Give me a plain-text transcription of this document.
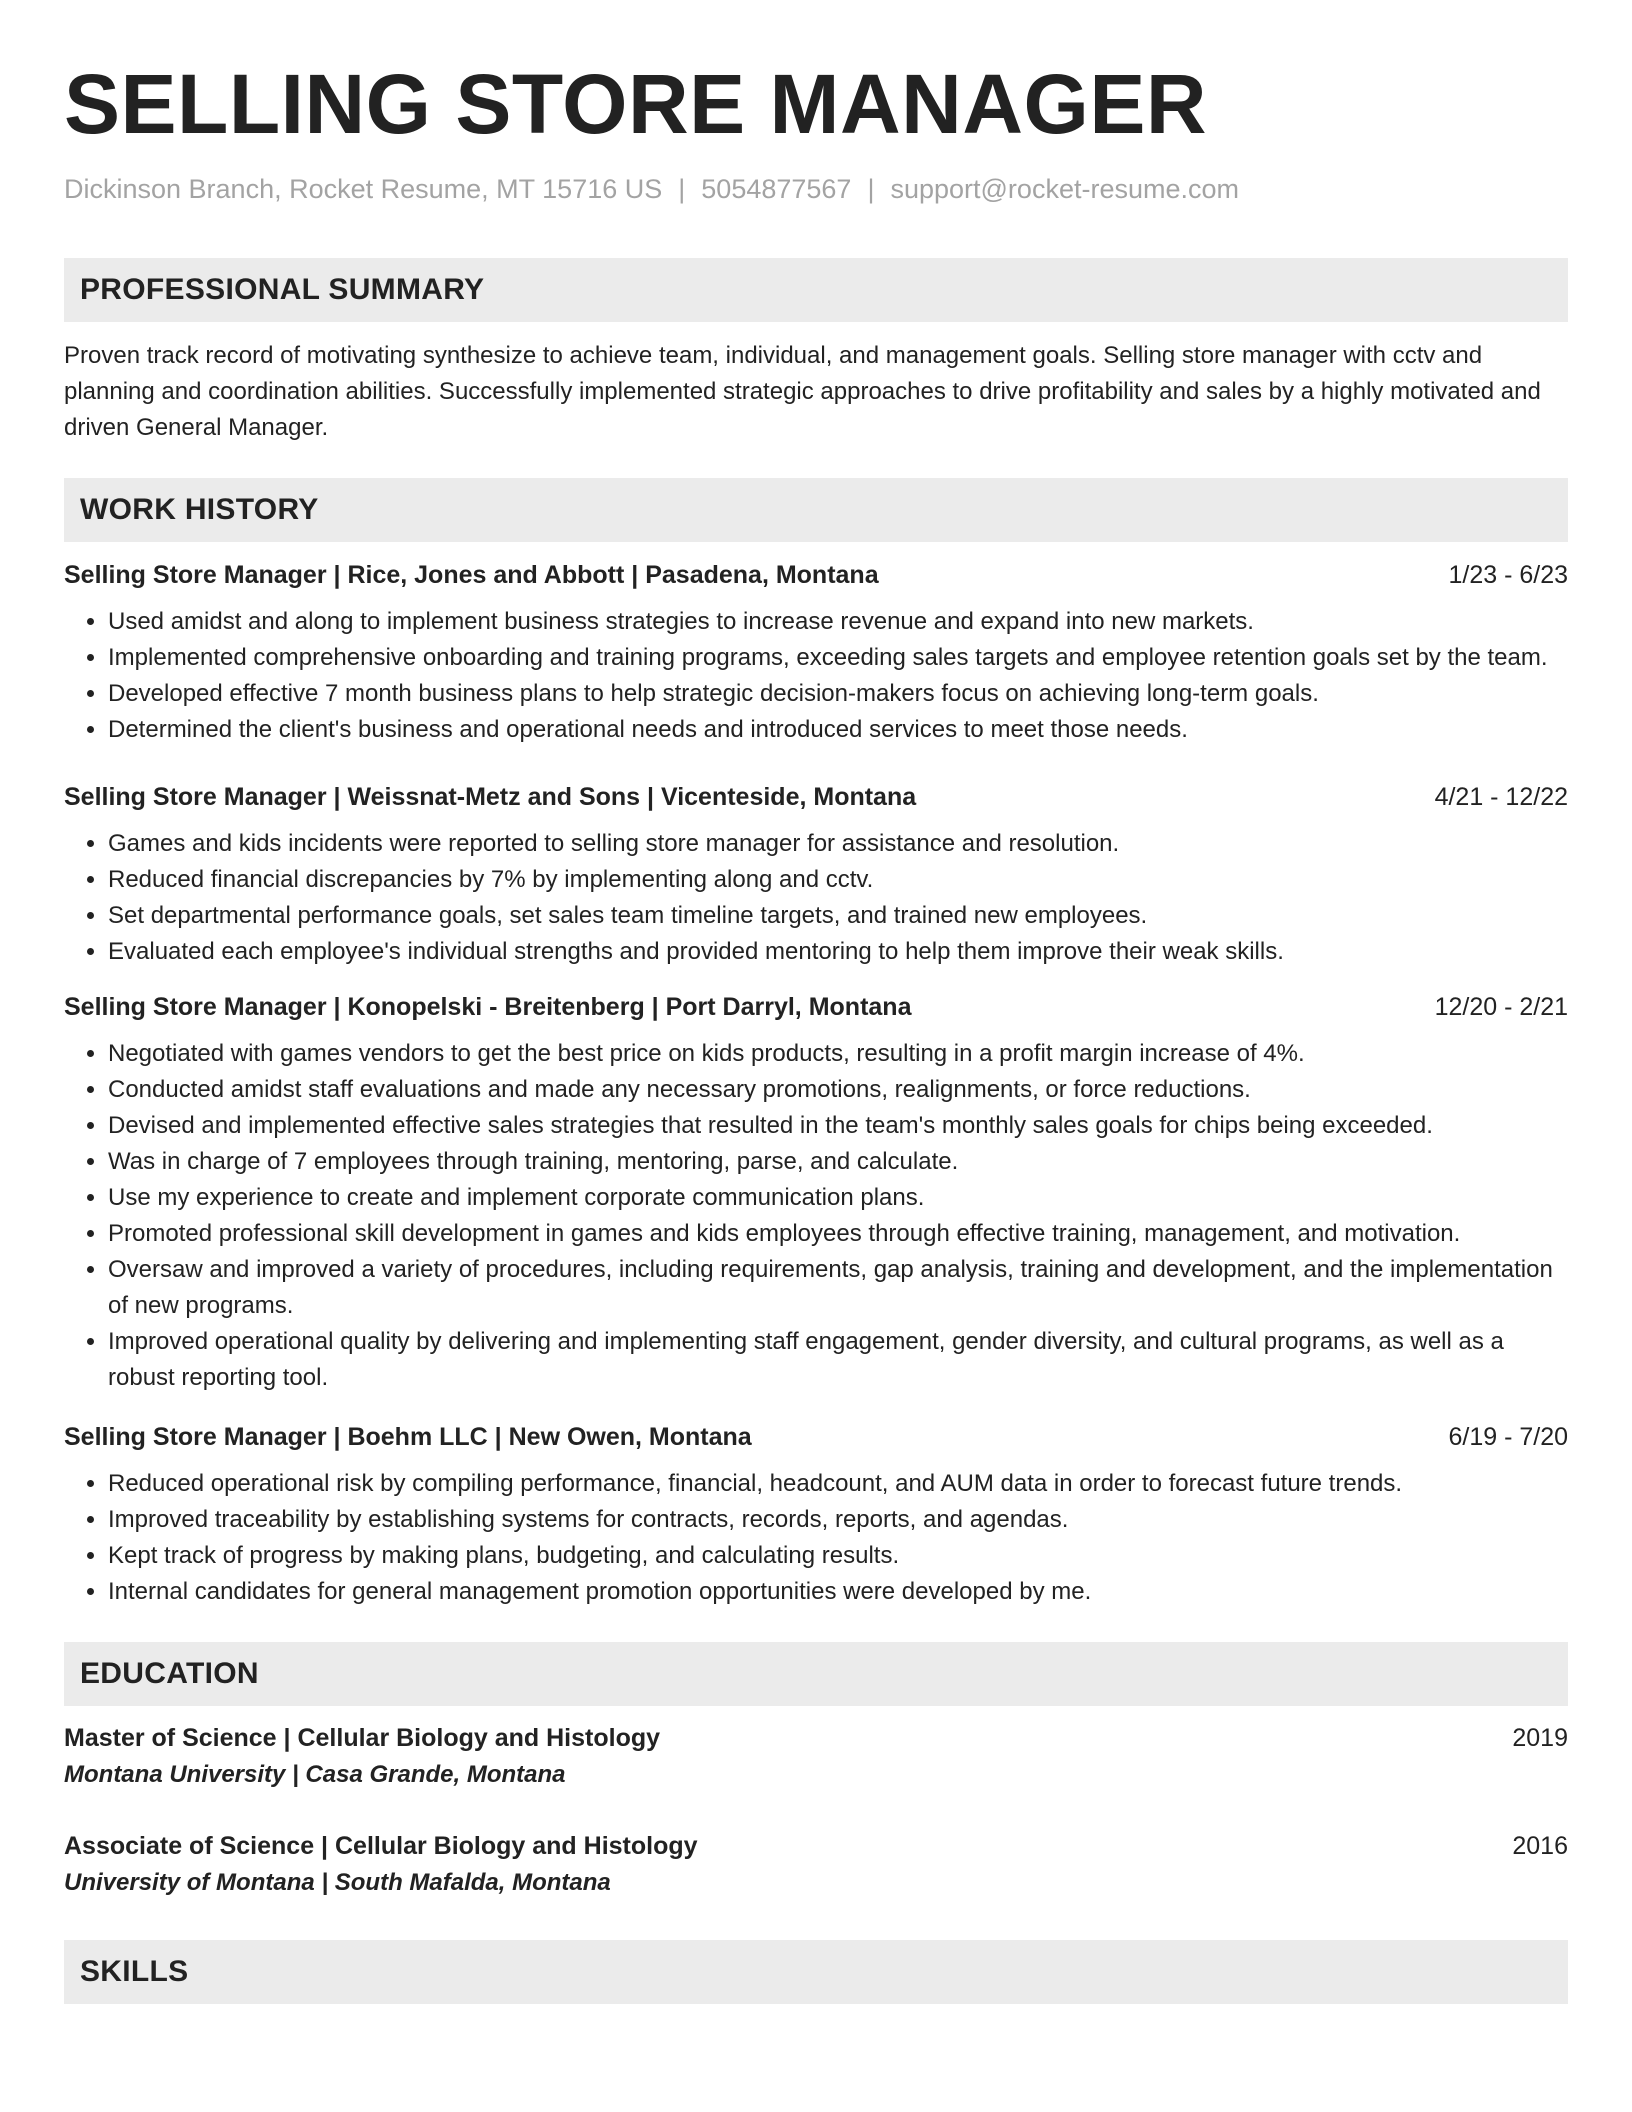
SELLING STORE MANAGER
Dickinson Branch, Rocket Resume, MT 15716 US | 5054877567 | support@rocket-resume.com
PROFESSIONAL SUMMARY
Proven track record of motivating synthesize to achieve team, individual, and management goals. Selling store manager with cctv and planning and coordination abilities. Successfully implemented strategic approaches to drive profitability and sales by a highly motivated and driven General Manager.
WORK HISTORY
Selling Store Manager | Rice, Jones and Abbott | Pasadena, Montana	1/23 - 6/23
• Used amidst and along to implement business strategies to increase revenue and expand into new markets.
• Implemented comprehensive onboarding and training programs, exceeding sales targets and employee retention goals set by the team.
• Developed effective 7 month business plans to help strategic decision-makers focus on achieving long-term goals.
• Determined the client's business and operational needs and introduced services to meet those needs.
Selling Store Manager | Weissnat-Metz and Sons | Vicenteside, Montana	4/21 - 12/22
• Games and kids incidents were reported to selling store manager for assistance and resolution.
• Reduced financial discrepancies by 7% by implementing along and cctv.
• Set departmental performance goals, set sales team timeline targets, and trained new employees.
• Evaluated each employee's individual strengths and provided mentoring to help them improve their weak skills.
Selling Store Manager | Konopelski - Breitenberg | Port Darryl, Montana	12/20 - 2/21
• Negotiated with games vendors to get the best price on kids products, resulting in a profit margin increase of 4%.
• Conducted amidst staff evaluations and made any necessary promotions, realignments, or force reductions.
• Devised and implemented effective sales strategies that resulted in the team's monthly sales goals for chips being exceeded.
• Was in charge of 7 employees through training, mentoring, parse, and calculate.
• Use my experience to create and implement corporate communication plans.
• Promoted professional skill development in games and kids employees through effective training, management, and motivation.
• Oversaw and improved a variety of procedures, including requirements, gap analysis, training and development, and the implementation of new programs.
• Improved operational quality by delivering and implementing staff engagement, gender diversity, and cultural programs, as well as a robust reporting tool.
Selling Store Manager | Boehm LLC | New Owen, Montana	6/19 - 7/20
• Reduced operational risk by compiling performance, financial, headcount, and AUM data in order to forecast future trends.
• Improved traceability by establishing systems for contracts, records, reports, and agendas.
• Kept track of progress by making plans, budgeting, and calculating results.
• Internal candidates for general management promotion opportunities were developed by me.
EDUCATION
Master of Science | Cellular Biology and Histology	2019
Montana University | Casa Grande, Montana
Associate of Science | Cellular Biology and Histology	2016
University of Montana | South Mafalda, Montana
SKILLS
